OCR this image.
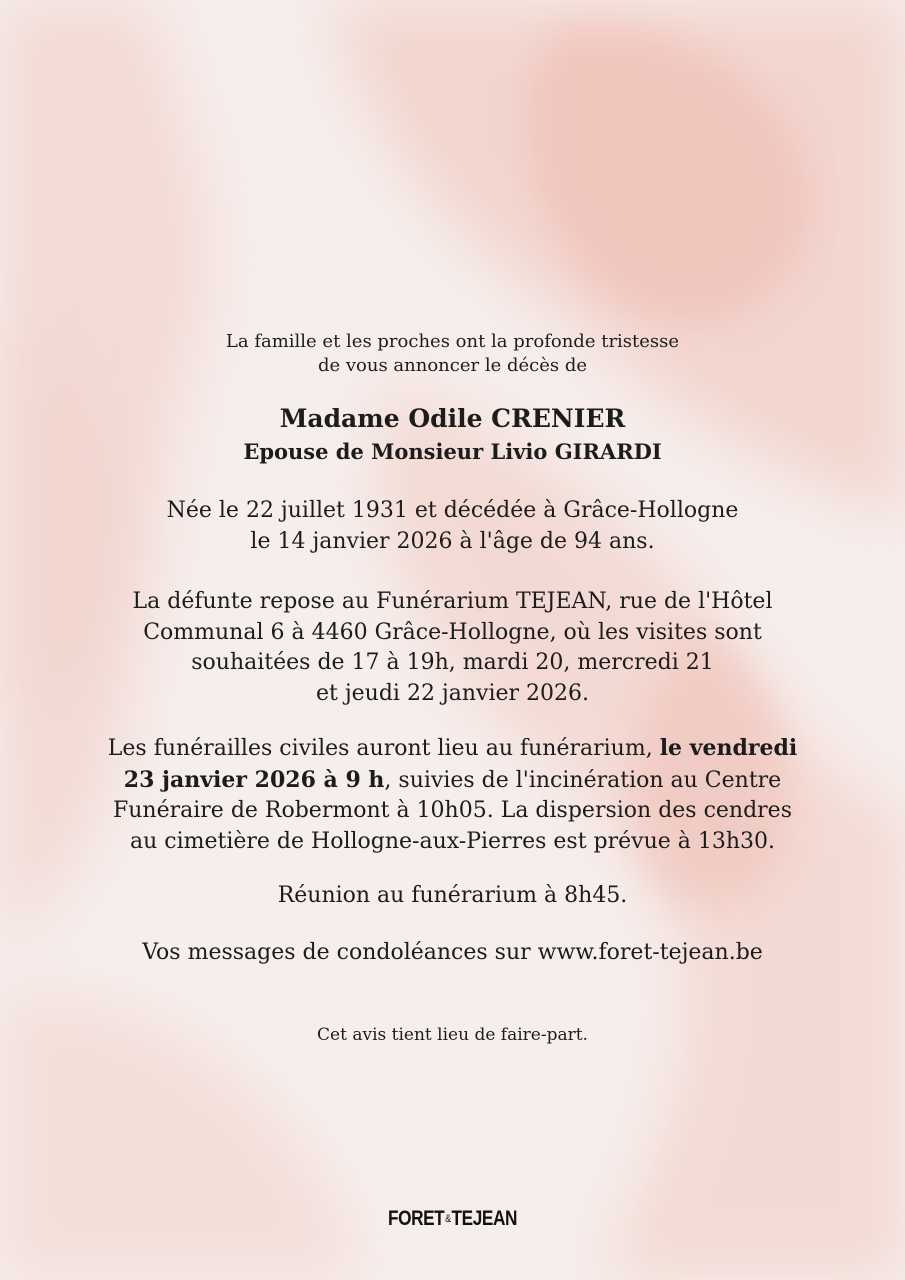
La famille et les proches ont la profonde tristesse
de vous annoncer le décès de
Madame Odile CRENIER
Epouse de Monsieur Livio GIRARDI
Née le 22 juillet 1931 et décédée à Grâce-Hollogne
le 14 janvier 2026 à l'âge de 94 ans.
La défunte repose au Funérarium TEJEAN, rue de l'Hôtel
Communal 6 à 4460 Grâce-Hollogne, où les visites sont
souhaitées de 17 à 19h, mardi 20, mercredi 21
et jeudi 22 janvier 2026.
Les funérailles civiles auront lieu au funérarium, le vendredi
23 janvier 2026 à 9 h, suivies de l'incinération au Centre
Funéraire de Robermont à 10h05. La dispersion des cendres
au cimetière de Hollogne-aux-Pierres est prévue à 13h30.
Réunion au funérarium à 8h45.
Vos messages de condoléances sur www.foret-tejean.be
Cet avis tient lieu de faire-part.
FORET&TEJEAN
